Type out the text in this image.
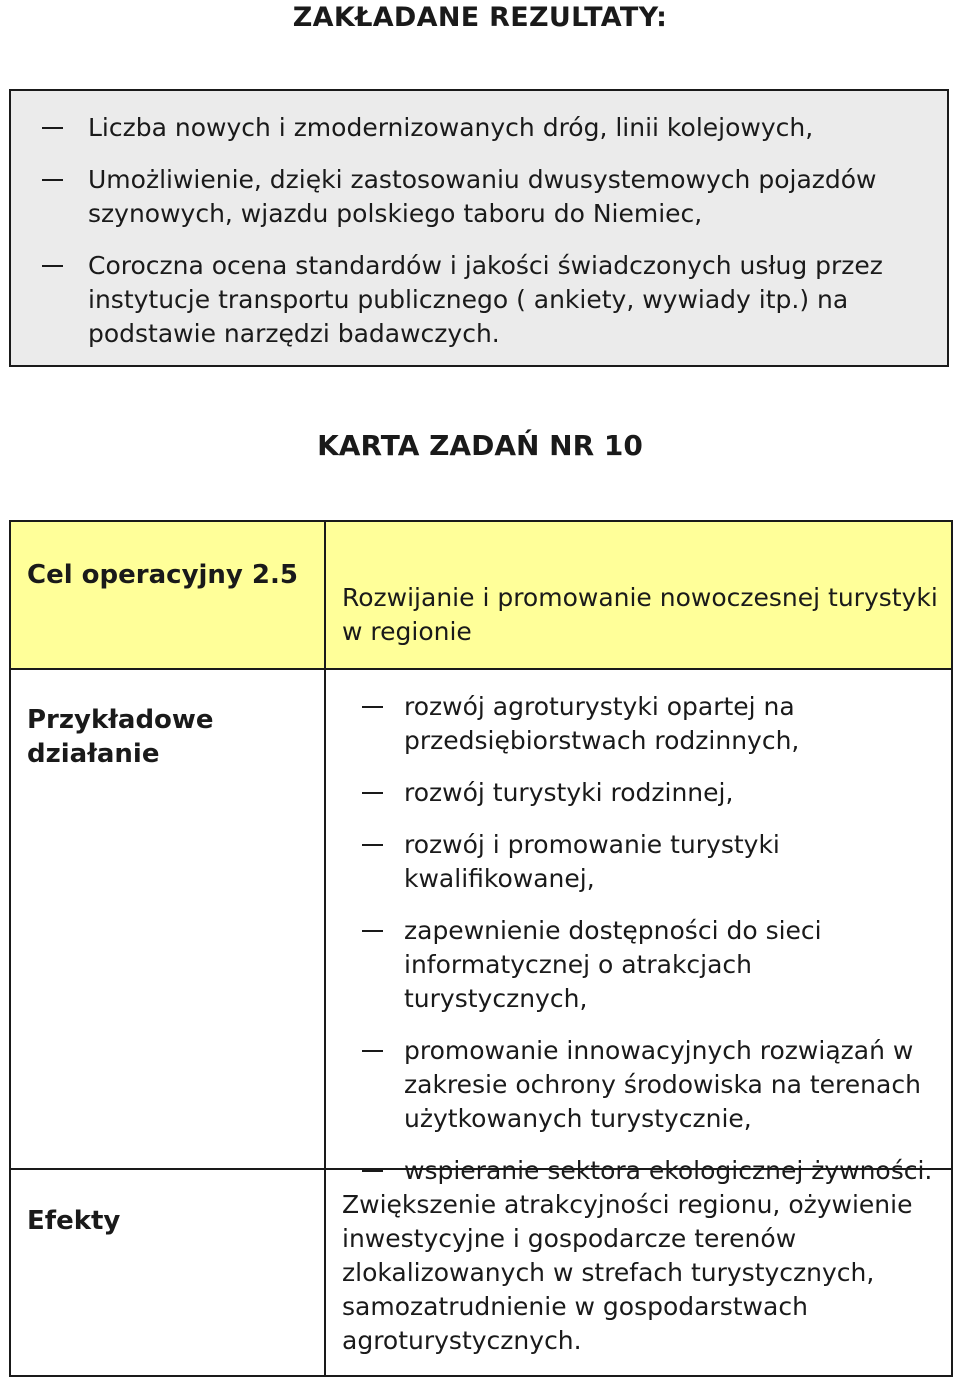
ZAKŁADANE REZULTATY:
Liczba nowych i zmodernizowanych dróg, linii kolejowych,
Umożliwienie, dzięki zastosowaniu dwusystemowych pojazdów szynowych, wjazdu polskiego taboru do Niemiec,
Coroczna ocena standardów i jakości świadczonych usług przez instytucje transportu publicznego ( ankiety, wywiady itp.) na podstawie narzędzi badawczych.
KARTA ZADAŃ NR 10
Cel operacyjny 2.5
Rozwijanie i promowanie nowoczesnej turystyki w regionie
Przykładowe działanie
rozwój agroturystyki opartej na przedsiębiorstwach rodzinnych,
rozwój turystyki rodzinnej,
rozwój i promowanie turystyki kwalifikowanej,
zapewnienie dostępności do sieci informatycznej o atrakcjach turystycznych,
promowanie innowacyjnych rozwiązań w zakresie ochrony środowiska na terenach użytkowanych turystycznie,
wspieranie sektora ekologicznej żywności.
Efekty
Zwiększenie atrakcyjności regionu, ożywienie inwestycyjne i gospodarcze terenów zlokalizowanych w strefach turystycznych, samozatrudnienie w gospodarstwach agroturystycznych.
